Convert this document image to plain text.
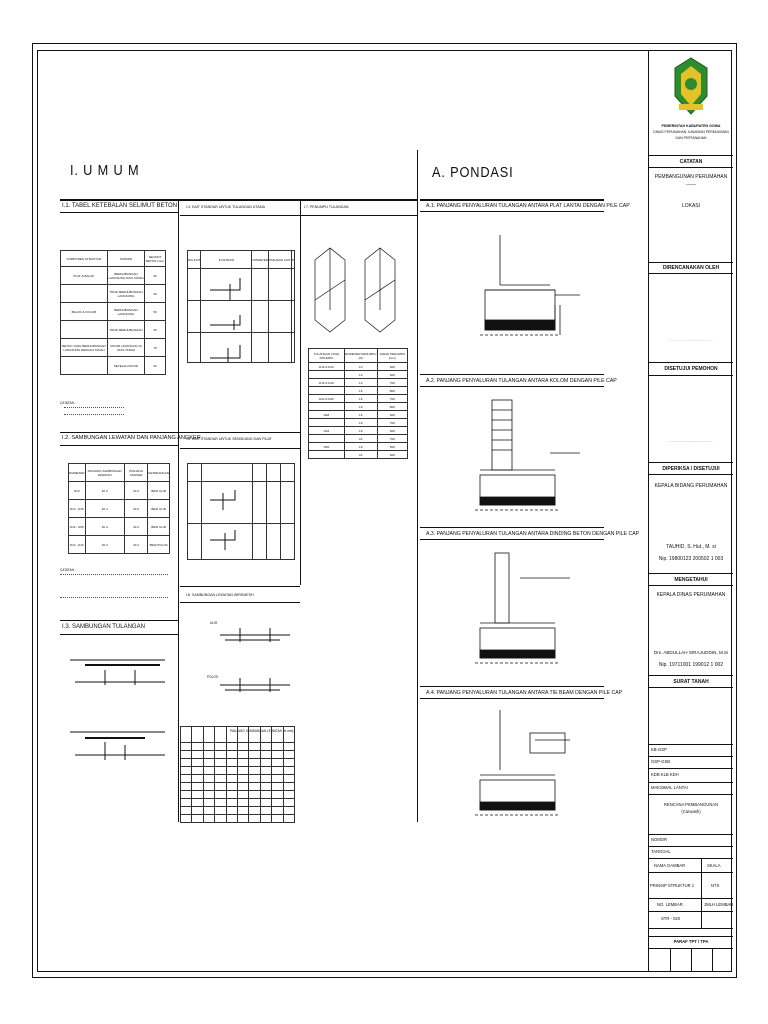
I. U M U M
I.1. TABEL KETEBALAN SELIMUT BETON I.4. KAIT STANDAR UNTUK TULANGAN UTAMA	I.7. PENUMPU TULANGAN
KOMPONEN STRUKTUR	KONDISI	SELIMUT BETON (mm)
PLAT & BALOK	BERHUBUNGAN LANGSUNG DGN TANAH	50
	TIDAK BERHUBUNGAN LANGSUNG	20
BALOK & KOLOM	BERHUBUNGAN LANGSUNG	50
	TIDAK BERHUBUNGAN	40
BETON YANG BERHUBUNGAN LANGSUNG DENGAN TANAH	DICOR LANGSUNG DI ATAS TANAH	75
	SETELAH DICOR	50
CATATAN :
DIA KAIT	ILUSTRASI	DIAMETER	PANJANG KAIT	D

TULANGAN YANG DITUMPU	DIAMETER PENUMPU (D)	JARAK PENUMPU (mm)
D10 & D13	10	600
	13	600
D16 & D19	13	700
	16	800
D22 & D25	16	700
	19	800
D28	16	600
	19	700
D32	19	600
	22	700
D36	19	500
	22	600
I.2. SAMBUNGAN LEWATAN DAN PANJANG ANGKER
I.5. KAIT STANDAR UNTUK SENGKANG DAN PILAT
DIAMETER	PANJANG SAMBUNGAN LEWATAN	PANJANG ANGKER	KETERANGAN
D10	40 d	40 d	BESI ULIR
D13 - D16	40 d	40 d	BESI ULIR
D19 - D25	40 d	40 d	BESI ULIR
D10 - D13	40 d	40 d	BESI POLOS
CATATAN :

I.6. SAMBUNGAN LEWATAN WIREMESH
ULIR
POLOS
PANJANG SAMBUNGAN LEWATAN (ls mm)

I.3. SAMBUNGAN TULANGAN
A. PONDASI
A.1. PANJANG PENYALURAN TULANGAN ANTARA PLAT LANTAI DENGAN PILE CAP
A.2. PANJANG PENYALURAN TULANGAN ANTARA KOLOM DENGAN PILE CAP
A.3. PANJANG PENYALURAN TULANGAN ANTARA DINDING BETON DENGAN PILE CAP
A.4. PANJANG PENYALURAN TULANGAN ANTARA TIE BEAM DENGAN PILE CAP
PEMERINTAH KABUPATEN GOWA
DINAS PERUMAHAN, KAWASAN PERMUKIMAN
DAN PERTANAHAN
CATATAN
PEMBANGUNAN PERUMAHAN
------
LOKASI
DIRENCANAKAN OLEH
........................................
DISETUJUI PEMOHON
........................................
DIPERIKSA / DISETUJUI
KEPALA BIDANG PERUMAHAN
TAUHID, S. Hut., M. si
Nip. 19800123 200502 1 003
MENGETAHUI
KEPALA DINAS PERUMAHAN
Drs. ABDULLAH SIRAJUDDIN, M.Si
Nip. 19711001 199012 1 002
SURAT TANAH
KB-GSP
GSP-GSB
KDB KLB KDH
MAKSIMAL LANTAI
RENCANA PEMBANGUNAN
(Carwash)
NOMOR
TANGGAL
NAMA GAMBAR	SKALA
PRINSIP STRUKTUR 1	NTS
NO. LEMBAR	JMLH LEMBAR
STR - 020
PARAF TPT / TPA
